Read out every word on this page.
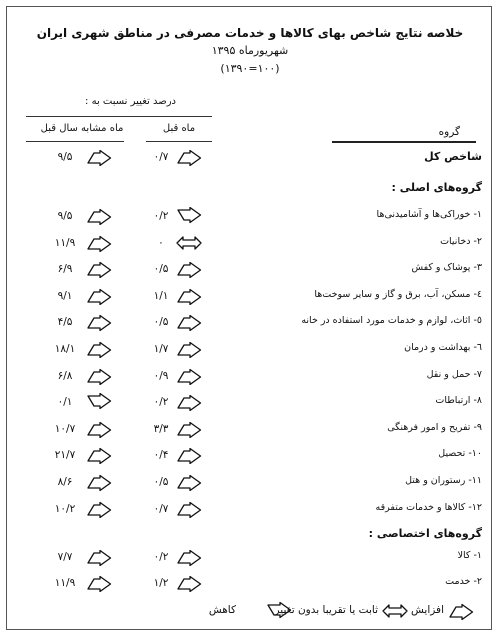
خلاصه نتایج شاخص بهای کالاها و خدمات مصرفی در مناطق شهری ایران
شهریورماه ۱۳۹۵
(۱۰۰=۱۳۹۰)
درصد تغییر نسبت به :
ماه مشابه سال قبل	ماه قبل	گروه
شاخص کل
۰/۷
۹/۵
۱- خوراکی‌ها و آشامیدنی‌ها
۰/۲
۹/۵
۲- دخانیات
۰
۱۱/۹
۳- پوشاک و کفش
۰/۵
۶/۹
٤- مسکن، آب، برق و گاز و سایر سوخت‌ها
۱/۱
۹/۱
٥- اثاث، لوازم و خدمات مورد استفاده در خانه
۰/۵
۴/۵
٦- بهداشت و درمان
۱/۷
۱۸/۱
۷- حمل و نقل
۰/۹
۶/۸
۸- ارتباطات
۰/۲
۰/۱
۹- تفریح و امور فرهنگی
۳/۳
۱۰/۷
۱۰- تحصیل
۰/۴
۲۱/۷
۱۱- رستوران و هتل
۰/۵
۸/۶
۱۲- کالاها و خدمات متفرقه
۰/۷
۱۰/۲
۱- کالا
۰/۲
۷/۷
۲- خدمت
۱/۲
۱۱/۹
گروه‌های اصلی :
گروه‌های اختصاصی :
افزایش
ثابت یا تقریبا بدون تغییر
کاهش
